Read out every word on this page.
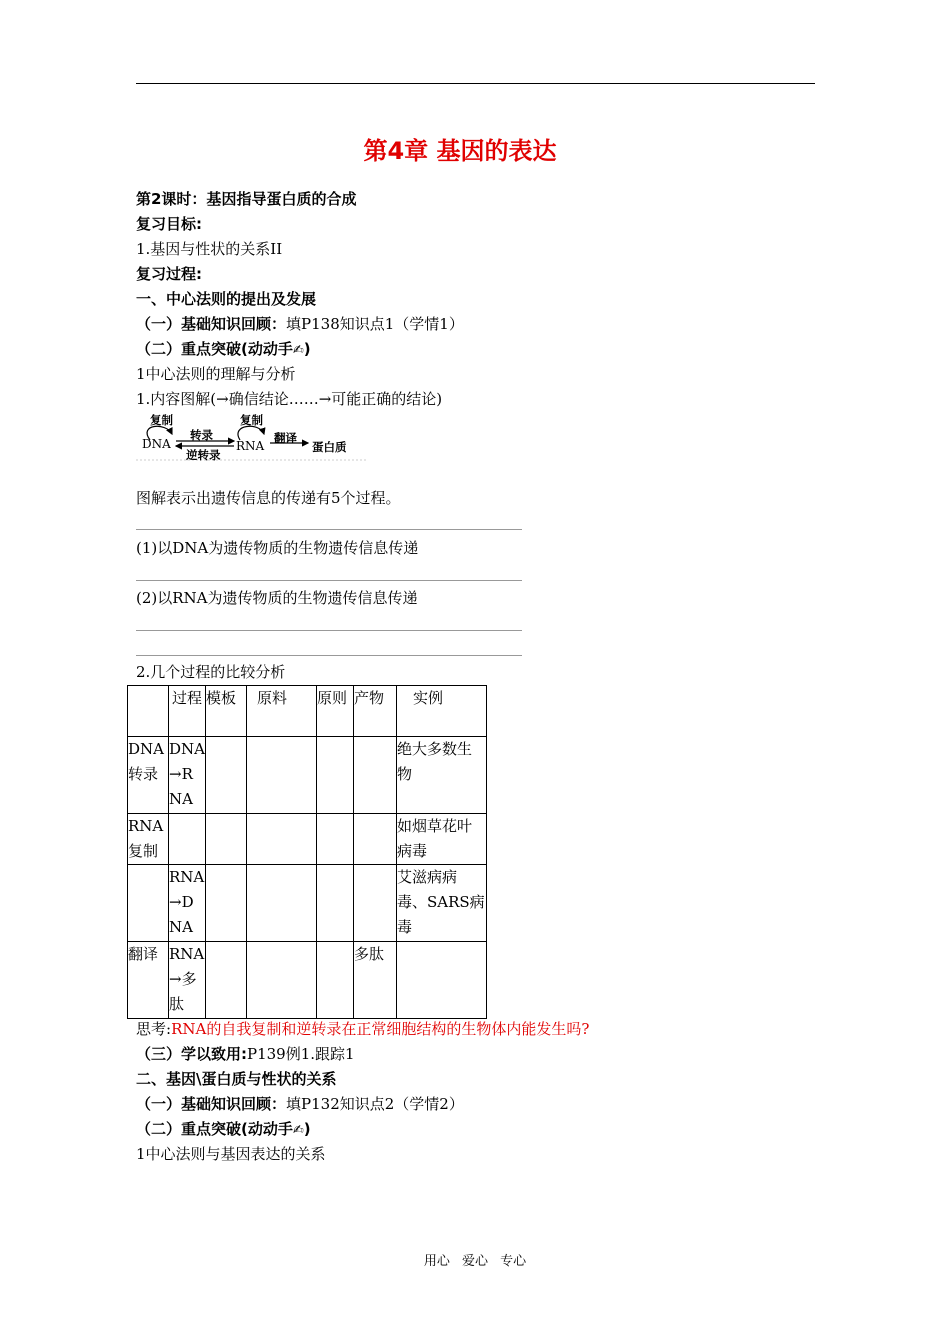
第4章 基因的表达
第2课时：基因指导蛋白质的合成
复习目标:
1.基因与性状的关系II
复习过程:
一、中心法则的提出及发展
（一）基础知识回顾：填P138知识点1（学情1）
（二）重点突破(动动手✍)
1中心法则的理解与分析
1.内容图解(→确信结论……→可能正确的结论)
复制
DNA
转录
逆转录
复制
RNA
翻译
蛋白质
图解表示出遗传信息的传递有5个过程。
(1)以DNA为遗传物质的生物遗传信息传递
(2)以RNA为遗传物质的生物遗传信息传递
2.几个过程的比较分析
	过程	模板	原料	原则	产物	实例
DNA转录	DNA→RNA					绝大多数生物
RNA复制						如烟草花叶病毒
	RNA→DNA					艾滋病病毒、SARS病毒
翻译	RNA→多肽				多肽	
思考:RNA的自我复制和逆转录在正常细胞结构的生物体内能发生吗?
（三）学以致用:P139例1.跟踪1
二、基因\蛋白质与性状的关系
（一）基础知识回顾：填P132知识点2（学情2）
（二）重点突破(动动手✍)
1中心法则与基因表达的关系
用心 爱心 专心
